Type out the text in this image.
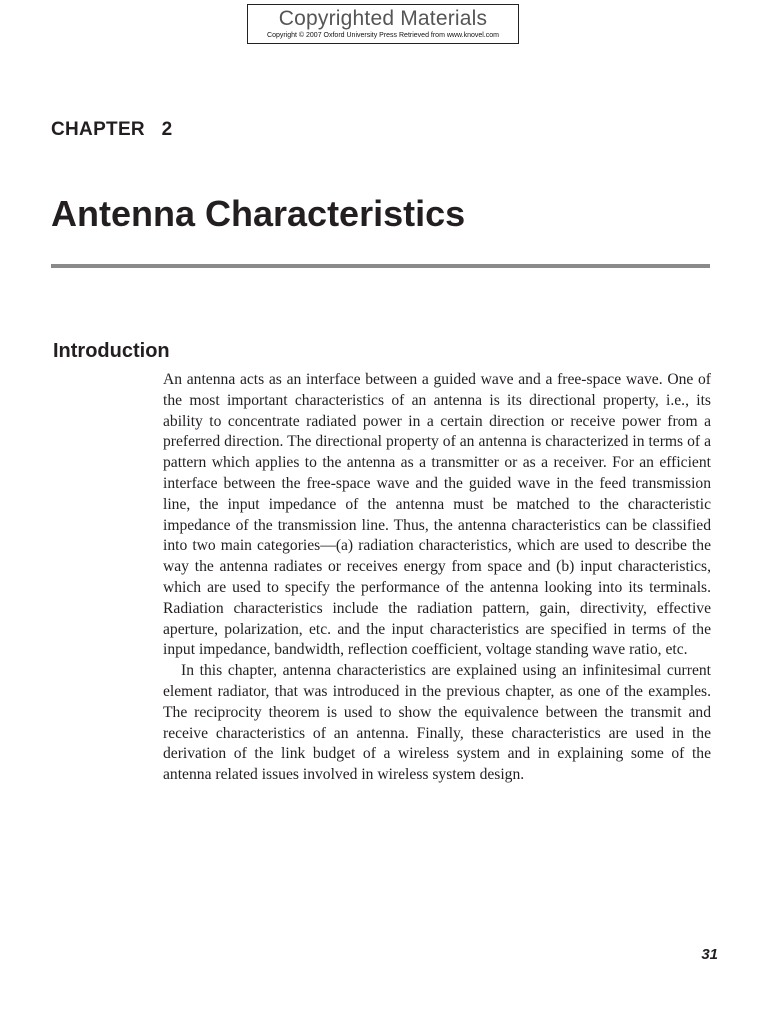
Copyrighted Materials
Copyright © 2007 Oxford University Press Retrieved from www.knovel.com
CHAPTER   2
Antenna Characteristics
Introduction

An antenna acts as an interface between a guided wave and a free-space wave. One of the most important characteristics of an antenna is its directional property, i.e., its ability to concentrate radiated power in a certain direction or receive power from a preferred direction. The directional property of an antenna is characterized in terms of a pattern which applies to the antenna as a transmitter or as a receiver. For an efficient interface between the free-space wave and the guided wave in the feed transmission line, the input impedance of the antenna must be matched to the characteristic impedance of the transmission line. Thus, the antenna characteristics can be classified into two main categories—(a) radiation characteristics, which are used to describe the way the antenna radiates or receives energy from space and (b) input characteristics, which are used to specify the performance of the antenna looking into its terminals. Radiation characteristics include the radiation pattern, gain, directivity, effective aperture, polarization, etc. and the input characteristics are specified in terms of the input impedance, bandwidth, reflection coefficient, voltage standing wave ratio, etc.

In this chapter, antenna characteristics are explained using an infinitesimal current element radiator, that was introduced in the previous chapter, as one of the examples. The reciprocity theorem is used to show the equivalence between the transmit and receive characteristics of an antenna. Finally, these characteristics are used in the derivation of the link budget of a wireless system and in explaining some of the antenna related issues involved in wireless system design.

31
